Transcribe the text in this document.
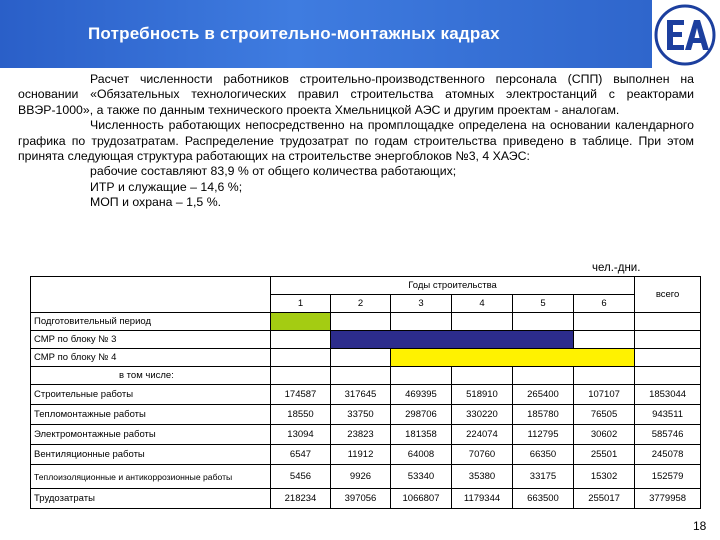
Потребность в строительно-монтажных кадрах

Расчет численности работников строительно-производственного персонала (СПП) выполнен на основании «Обязательных технологических правил строительства атомных электростанций с реакторами ВВЭР-1000», а также по данным технического проекта Хмельницкой АЭС и другим проектам - аналогам.

Численность работающих непосредственно на промплощадке определена на основании календарного графика по трудозатратам. Распределение трудозатрат по годам строительства приведено в таблице. При этом принята следующая структура работающих на строительстве энергоблоков №3, 4 ХАЭС:

рабочие составляют 83,9 % от общего количества работающих;

ИТР и служащие – 14,6 %;

МОП и охрана – 1,5 %.

чел.-дни.
	Годы строительства						всего
	1	2	3	4	5	6	
Подготовительный период							
СМР по блоку № 3							
СМР по блоку № 4							
в том числе:							
Строительные работы	174587	317645	469395	518910	265400	107107	1853044
Тепломонтажные работы	18550	33750	298706	330220	185780	76505	943511
Электромонтажные работы	13094	23823	181358	224074	112795	30602	585746
Вентиляционные работы	6547	11912	64008	70760	66350	25501	245078
Теплоизоляционные и антикоррозионные работы	5456	9926	53340	35380	33175	15302	152579
Трудозатраты	218234	397056	1066807	1179344	663500	255017	3779958
18
